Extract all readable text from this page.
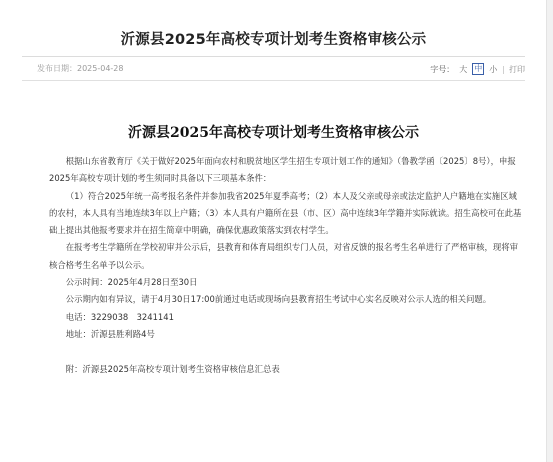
沂源县2025年高校专项计划考生资格审核公示
发布日期：2025-04-28	字号： 大 中 小 | 打印
沂源县2025年高校专项计划考生资格审核公示

根据山东省教育厅《关于做好2025年面向农村和脱贫地区学生招生专项计划工作的通知》（鲁教学函〔2025〕8号），申报2025年高校专项计划的考生须同时具备以下三项基本条件：

（1）符合2025年统一高考报名条件并参加我省2025年夏季高考；（2）本人及父亲或母亲或法定监护人户籍地在实施区域的农村，本人具有当地连续3年以上户籍；（3）本人具有户籍所在县（市、区）高中连续3年学籍并实际就读。招生高校可在此基础上提出其他报考要求并在招生简章中明确，确保优惠政策落实到农村学生。

在报考考生学籍所在学校初审并公示后，县教育和体育局组织专门人员，对省反馈的报名考生名单进行了严格审核，现将审核合格考生名单予以公示。

公示时间：2025年4月28日至30日

公示期内如有异议，请于4月30日17:00前通过电话或现场向县教育招生考试中心实名反映对公示人选的相关问题。

电话：3229038　3241141

地址：沂源县胜利路4号

附：沂源县2025年高校专项计划考生资格审核信息汇总表
